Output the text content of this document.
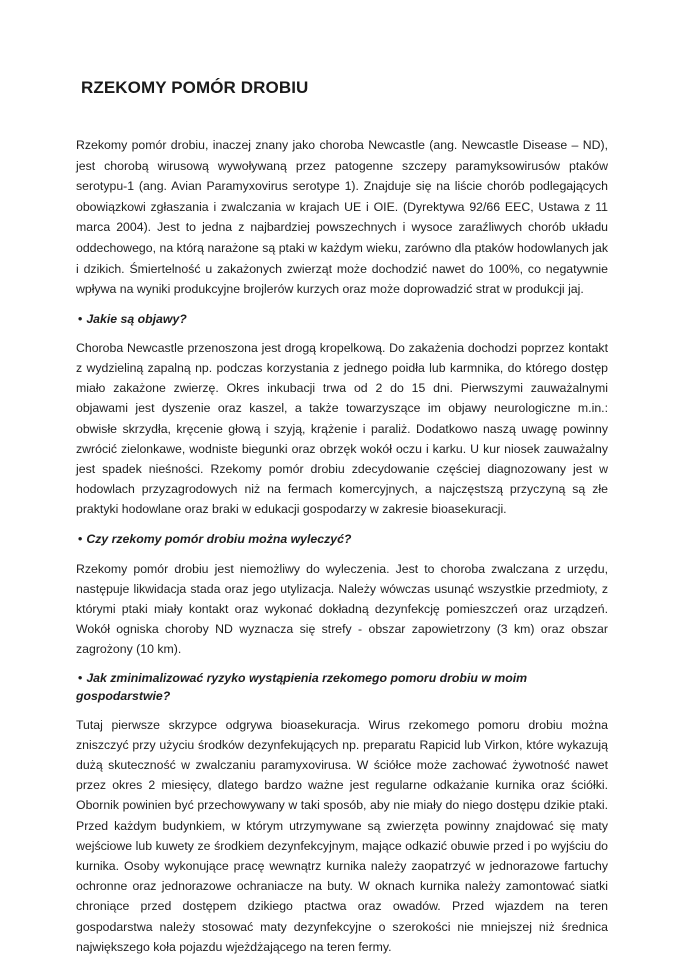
RZEKOMY POMÓR DROBIU

Rzekomy pomór drobiu, inaczej znany jako choroba Newcastle (ang. Newcastle Disease – ND), jest chorobą wirusową wywoływaną przez patogenne szczepy paramyksowirusów ptaków serotypu-1 (ang. Avian Paramyxovirus serotype 1). Znajduje się na liście chorób podlegających obowiązkowi zgłaszania i zwalczania w krajach UE i OIE. (Dyrektywa 92/66 EEC, Ustawa z 11 marca 2004). Jest to jedna z najbardziej powszechnych i wysoce zaraźliwych chorób układu oddechowego, na którą narażone są ptaki w każdym wieku, zarówno dla ptaków hodowlanych jak i dzikich. Śmiertelność u zakażonych zwierząt może dochodzić nawet do 100%, co negatywnie wpływa na wyniki produkcyjne brojlerów kurzych oraz może doprowadzić strat w produkcji jaj.

• Jakie są objawy?

Choroba Newcastle przenoszona jest drogą kropelkową. Do zakażenia dochodzi poprzez kontakt z wydzieliną zapalną np. podczas korzystania z jednego poidła lub karmnika, do którego dostęp miało zakażone zwierzę. Okres inkubacji trwa od 2 do 15 dni. Pierwszymi zauważalnymi objawami jest dyszenie oraz kaszel, a także towarzyszące im objawy neurologiczne m.in.: obwisłe skrzydła, kręcenie głową i szyją, krążenie i paraliż. Dodatkowo naszą uwagę powinny zwrócić zielonkawe, wodniste biegunki oraz obrzęk wokół oczu i karku. U kur niosek zauważalny jest spadek nieśności. Rzekomy pomór drobiu zdecydowanie częściej diagnozowany jest w hodowlach przyzagrodowych niż na fermach komercyjnych, a najczęstszą przyczyną są złe praktyki hodowlane oraz braki w edukacji gospodarzy w zakresie bioasekuracji.

• Czy rzekomy pomór drobiu można wyleczyć?

Rzekomy pomór drobiu jest niemożliwy do wyleczenia. Jest to choroba zwalczana z urzędu, następuje likwidacja stada oraz jego utylizacja. Należy wówczas usunąć wszystkie przedmioty, z którymi ptaki miały kontakt oraz wykonać dokładną dezynfekcję pomieszczeń oraz urządzeń. Wokół ogniska choroby ND wyznacza się strefy - obszar zapowietrzony (3 km) oraz obszar zagrożony (10 km).

• Jak zminimalizować ryzyko wystąpienia rzekomego pomoru drobiu w moim gospodarstwie?

Tutaj pierwsze skrzypce odgrywa bioasekuracja. Wirus rzekomego pomoru drobiu można zniszczyć przy użyciu środków dezynfekujących np. preparatu Rapicid lub Virkon, które wykazują dużą skuteczność w zwalczaniu paramyxovirusa. W ściółce może zachować żywotność nawet przez okres 2 miesięcy, dlatego bardzo ważne jest regularne odkażanie kurnika oraz ściółki. Obornik powinien być przechowywany w taki sposób, aby nie miały do niego dostępu dzikie ptaki. Przed każdym budynkiem, w którym utrzymywane są zwierzęta powinny znajdować się maty wejściowe lub kuwety ze środkiem dezynfekcyjnym, mające odkazić obuwie przed i po wyjściu do kurnika. Osoby wykonujące pracę wewnątrz kurnika należy zaopatrzyć w jednorazowe fartuchy ochronne oraz jednorazowe ochraniacze na buty. W oknach kurnika należy zamontować siatki chroniące przed dostępem dzikiego ptactwa oraz owadów. Przed wjazdem na teren gospodarstwa należy stosować maty dezynfekcyjne o szerokości nie mniejszej niż średnica największego koła pojazdu wjeżdżającego na teren fermy.
